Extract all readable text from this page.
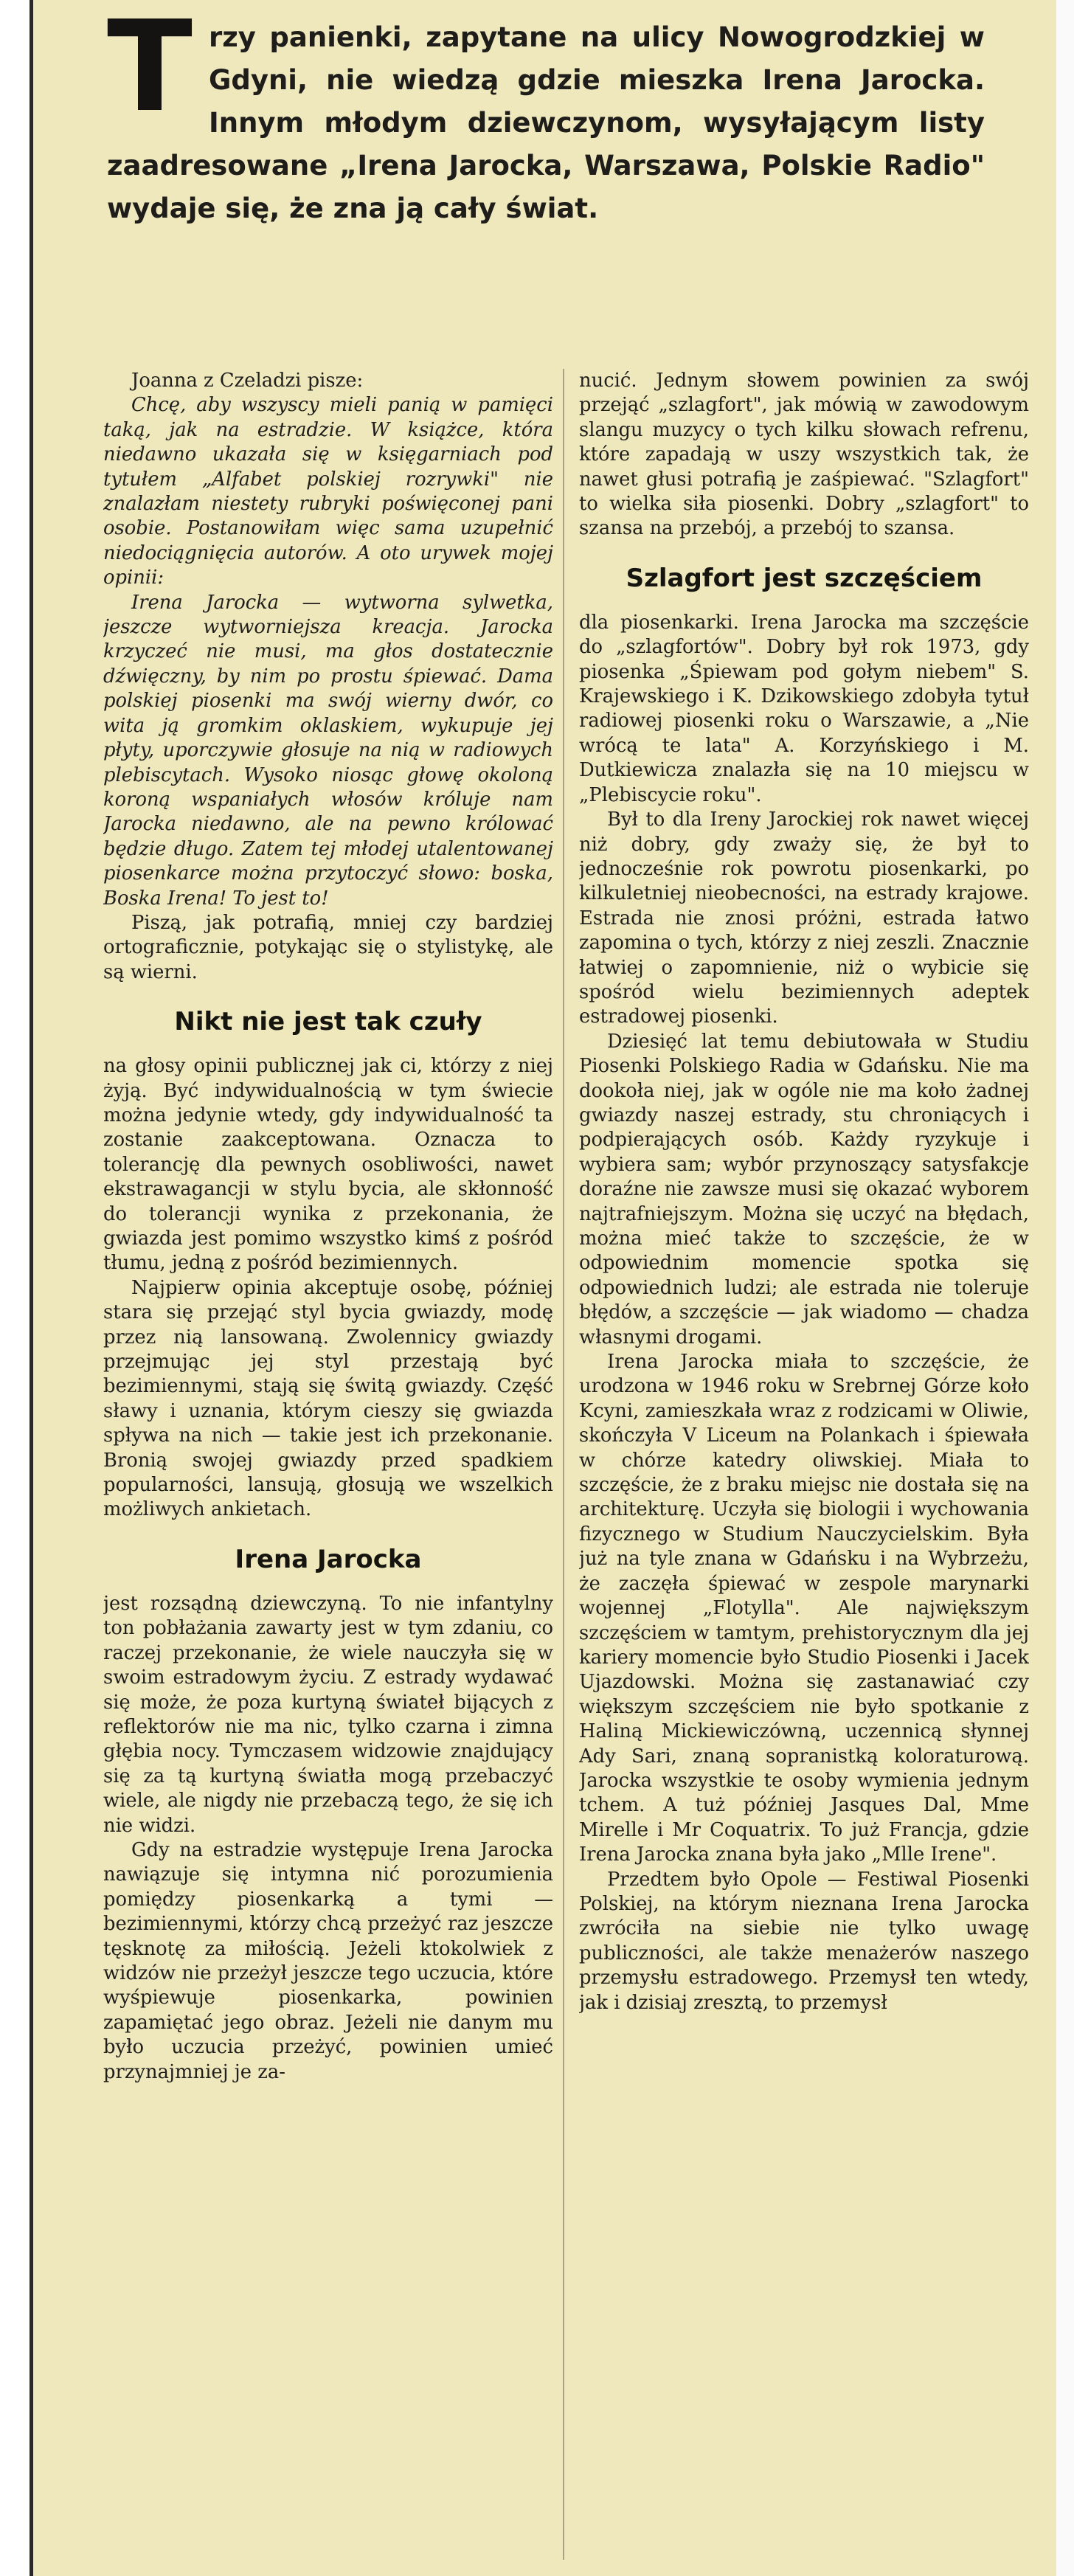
T rzy panienki, zapytane na ulicy Nowogrodzkiej w Gdyni, nie wiedzą gdzie mieszka Irena Jarocka. Innym młodym dziewczynom, wysyłającym listy zaadresowane „Irena Jarocka, Warszawa, Polskie Radio" wydaje się, że zna ją cały świat.

Joanna z Czeladzi pisze:

Chcę, aby wszyscy mieli panią w pamięci taką, jak na estradzie. W książce, która niedawno ukazała się w księgarniach pod tytułem „Alfabet polskiej rozrywki" nie znalazłam niestety rubryki poświęconej pani osobie. Postanowiłam więc sama uzupełnić niedociągnięcia autorów. A oto urywek mojej opinii:

Irena Jarocka — wytworna sylwetka, jeszcze wytworniejsza kreacja. Jarocka krzyczeć nie musi, ma głos dostatecznie dźwięczny, by nim po prostu śpiewać. Dama polskiej piosenki ma swój wierny dwór, co wita ją gromkim oklaskiem, wykupuje jej płyty, uporczywie głosuje na nią w radiowych plebiscytach. Wysoko niosąc głowę okoloną koroną wspaniałych włosów króluje nam Jarocka niedawno, ale na pewno królować będzie długo. Zatem tej młodej utalentowanej piosenkarce można przytoczyć słowo: boska, Boska Irena! To jest to!

Piszą, jak potrafią, mniej czy bardziej ortograficznie, potykając się o stylistykę, ale są wierni.

Nikt nie jest tak czuły

na głosy opinii publicznej jak ci, którzy z niej żyją. Być indywidualnością w tym świecie można jedynie wtedy, gdy indywidualność ta zostanie zaakceptowana. Oznacza to tolerancję dla pewnych osobliwości, nawet ekstrawagancji w stylu bycia, ale skłonność do tolerancji wynika z przekonania, że gwiazda jest pomimo wszystko kimś z pośród tłumu, jedną z pośród bezimiennych.

Najpierw opinia akceptuje osobę, później stara się przejąć styl bycia gwiazdy, modę przez nią lansowaną. Zwolennicy gwiazdy przejmując jej styl przestają być bezimiennymi, stają się świtą gwiazdy. Część sławy i uznania, którym cieszy się gwiazda spływa na nich — takie jest ich przekonanie. Bronią swojej gwiazdy przed spadkiem popularności, lansują, głosują we wszelkich możliwych ankietach.

Irena Jarocka

jest rozsądną dziewczyną. To nie infantylny ton pobłażania zawarty jest w tym zdaniu, co raczej przekonanie, że wiele nauczyła się w swoim estradowym życiu. Z estrady wydawać się może, że poza kurtyną świateł bijących z reflektorów nie ma nic, tylko czarna i zimna głębia nocy. Tymczasem widzowie znajdujący się za tą kurtyną światła mogą przebaczyć wiele, ale nigdy nie przebaczą tego, że się ich nie widzi.

Gdy na estradzie występuje Irena Jarocka nawiązuje się intymna nić porozumienia pomiędzy piosenkarką a tymi — bezimiennymi, którzy chcą przeżyć raz jeszcze tęsknotę za miłością. Jeżeli ktokolwiek z widzów nie przeżył jeszcze tego uczucia, które wyśpiewuje piosenkarka, powinien zapamiętać jego obraz. Jeżeli nie danym mu było uczucia przeżyć, powinien umieć przynajmniej je za-

nucić. Jednym słowem powinien za swój przejąć „szlagfort", jak mówią w zawodowym slangu muzycy o tych kilku słowach refrenu, które zapadają w uszy wszystkich tak, że nawet głusi potrafią je zaśpiewać. "Szlagfort" to wielka siła piosenki. Dobry „szlagfort" to szansa na przebój, a przebój to szansa.

Szlagfort jest szczęściem

dla piosenkarki. Irena Jarocka ma szczęście do „szlagfortów". Dobry był rok 1973, gdy piosenka „Śpiewam pod gołym niebem" S. Krajewskiego i K. Dzikowskiego zdobyła tytuł radiowej piosenki roku o Warszawie, a „Nie wrócą te lata" A. Korzyńskiego i M. Dutkiewicza znalazła się na 10 miejscu w „Plebiscycie roku".

Był to dla Ireny Jarockiej rok nawet więcej niż dobry, gdy zważy się, że był to jednocześnie rok powrotu piosenkarki, po kilkuletniej nieobecności, na estrady krajowe. Estrada nie znosi próżni, estrada łatwo zapomina o tych, którzy z niej zeszli. Znacznie łatwiej o zapomnienie, niż o wybicie się spośród wielu bezimiennych adeptek estradowej piosenki.

Dziesięć lat temu debiutowała w Studiu Piosenki Polskiego Radia w Gdańsku. Nie ma dookoła niej, jak w ogóle nie ma koło żadnej gwiazdy naszej estrady, stu chroniących i podpierających osób. Każdy ryzykuje i wybiera sam; wybór przynoszący satysfakcje doraźne nie zawsze musi się okazać wyborem najtrafniejszym. Można się uczyć na błędach, można mieć także to szczęście, że w odpowiednim momencie spotka się odpowiednich ludzi; ale estrada nie toleruje błędów, a szczęście — jak wiadomo — chadza własnymi drogami.

Irena Jarocka miała to szczęście, że urodzona w 1946 roku w Srebrnej Górze koło Kcyni, zamieszkała wraz z rodzicami w Oliwie, skończyła V Liceum na Polankach i śpiewała w chórze katedry oliwskiej. Miała to szczęście, że z braku miejsc nie dostała się na architekturę. Uczyła się biologii i wychowania fizycznego w Studium Nauczycielskim. Była już na tyle znana w Gdańsku i na Wybrzeżu, że zaczęła śpiewać w zespole marynarki wojennej „Flotylla". Ale największym szczęściem w tamtym, prehistorycznym dla jej kariery momencie było Studio Piosenki i Jacek Ujazdowski. Można się zastanawiać czy większym szczęściem nie było spotkanie z Haliną Mickiewiczówną, uczennicą słynnej Ady Sari, znaną sopranistką koloraturową. Jarocka wszystkie te osoby wymienia jednym tchem. A tuż później Jasques Dal, Mme Mirelle i Mr Coquatrix. To już Francja, gdzie Irena Jarocka znana była jako „Mlle Irene".

Przedtem było Opole — Festiwal Piosenki Polskiej, na którym nieznana Irena Jarocka zwróciła na siebie nie tylko uwagę publiczności, ale także menażerów naszego przemysłu estradowego. Przemysł ten wtedy, jak i dzisiaj zresztą, to przemysł
